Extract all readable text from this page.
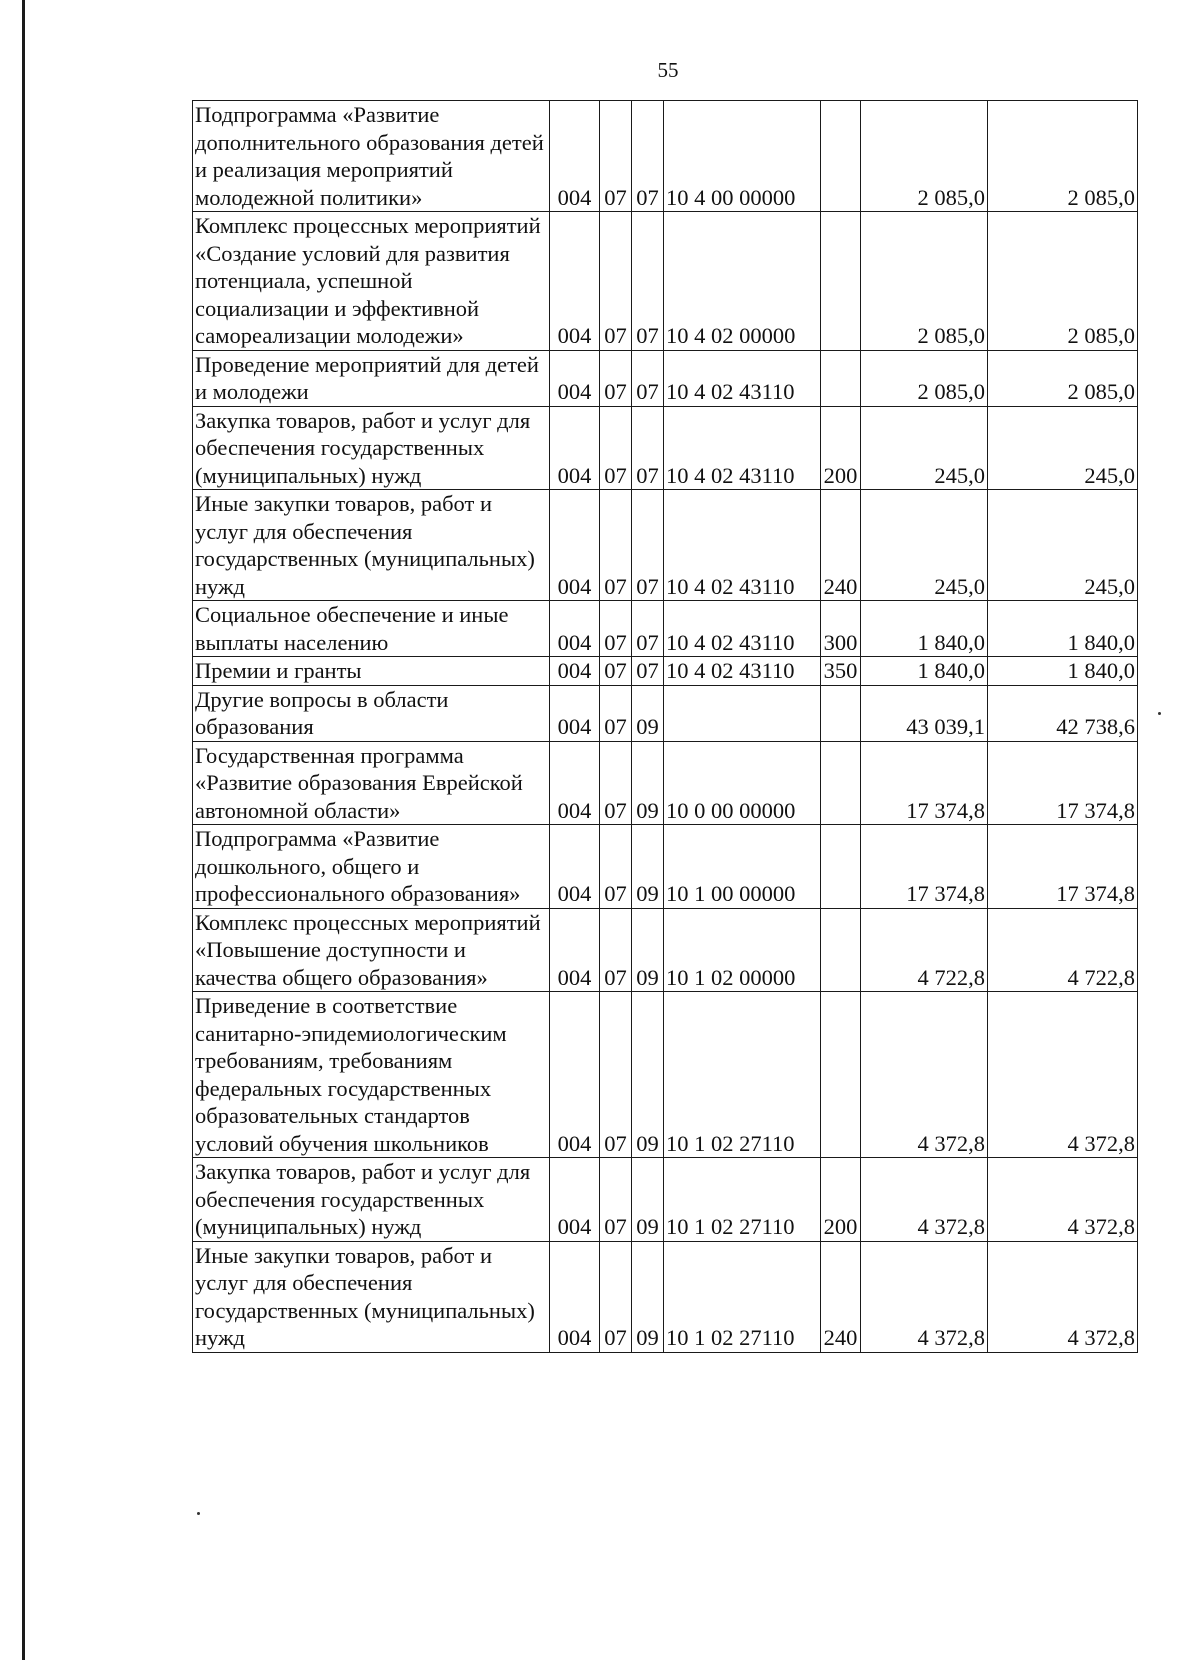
55
Подпрограмма «Развитие дополнительного образования детей и реализация мероприятий молодежной политики»	004	07	07	10 4 00 00000		2 085,0	2 085,0
Комплекс процессных мероприятий «Создание условий для развития потенциала, успешной социализации и эффективной самореализации молодежи»	004	07	07	10 4 02 00000		2 085,0	2 085,0
Проведение мероприятий для детей и молодежи	004	07	07	10 4 02 43110		2 085,0	2 085,0
Закупка товаров, работ и услуг для обеспечения государственных (муниципальных) нужд	004	07	07	10 4 02 43110	200	245,0	245,0
Иные закупки товаров, работ и услуг для обеспечения государственных (муниципальных) нужд	004	07	07	10 4 02 43110	240	245,0	245,0
Социальное обеспечение и иные выплаты населению	004	07	07	10 4 02 43110	300	1 840,0	1 840,0
Премии и гранты	004	07	07	10 4 02 43110	350	1 840,0	1 840,0
Другие вопросы в области образования	004	07	09			43 039,1	42 738,6
Государственная программа «Развитие образования Еврейской автономной области»	004	07	09	10 0 00 00000		17 374,8	17 374,8
Подпрограмма «Развитие дошкольного, общего и профессионального образования»	004	07	09	10 1 00 00000		17 374,8	17 374,8
Комплекс процессных мероприятий «Повышение доступности и качества общего образования»	004	07	09	10 1 02 00000		4 722,8	4 722,8
Приведение в соответствие санитарно-эпидемиологическим требованиям, требованиям федеральных государственных образовательных стандартов условий обучения школьников	004	07	09	10 1 02 27110		4 372,8	4 372,8
Закупка товаров, работ и услуг для обеспечения государственных (муниципальных) нужд	004	07	09	10 1 02 27110	200	4 372,8	4 372,8
Иные закупки товаров, работ и услуг для обеспечения государственных (муниципальных) нужд	004	07	09	10 1 02 27110	240	4 372,8	4 372,8
